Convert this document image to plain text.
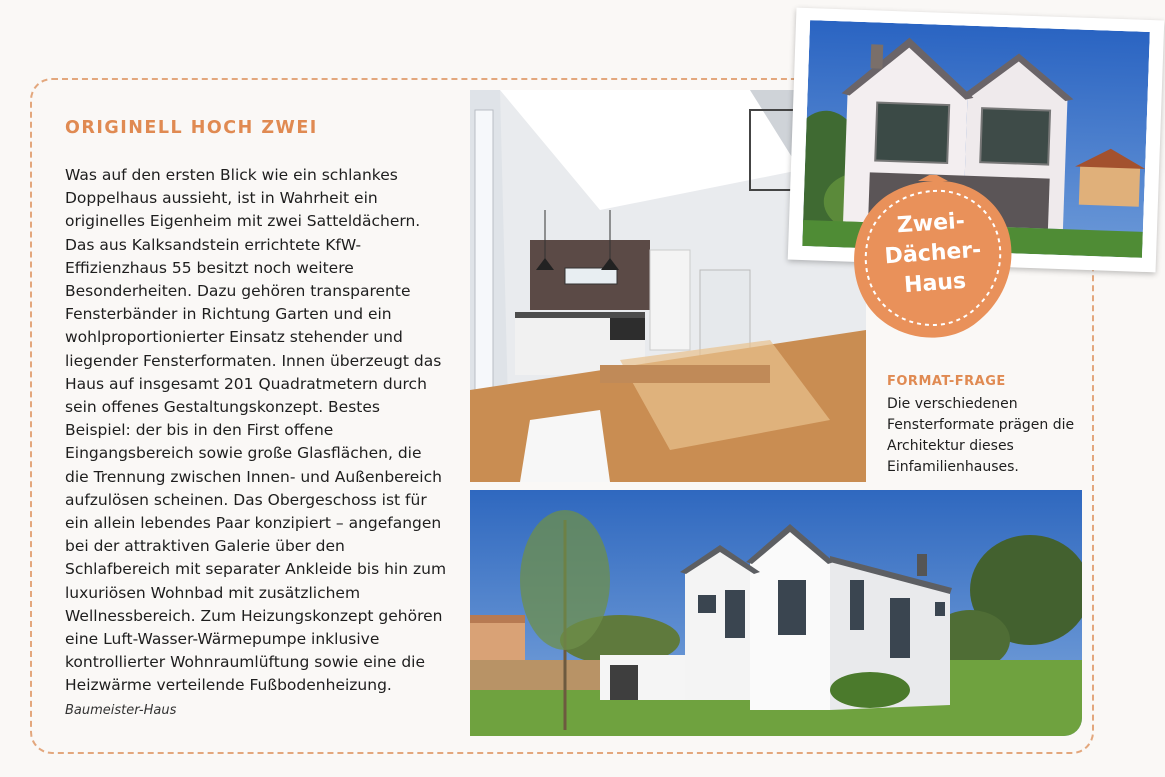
ORIGINELL HOCH ZWEI

Was auf den ersten Blick wie ein schlankes Doppelhaus aussieht, ist in Wahrheit ein originelles Eigenheim mit zwei Satteldächern. Das aus Kalksandstein errichtete KfW-Effizienzhaus 55 besitzt noch weitere Besonderheiten. Dazu gehören transparente Fensterbänder in Richtung Garten und ein wohlproportionierter Einsatz stehender und liegender Fensterformaten. Innen überzeugt das Haus auf insgesamt 201 Quadratmetern durch sein offenes Gestaltungskonzept. Bestes Beispiel: der bis in den First offene Eingangsbereich sowie große Glasflächen, die die Trennung zwischen Innen- und Außenbereich aufzulösen scheinen. Das Obergeschoss ist für ein allein lebendes Paar konzipiert – angefangen bei der attraktiven Galerie über den Schlafbereich mit separater Ankleide bis hin zum luxuriösen Wohnbad mit zusätzlichem Wellnessbereich. Zum Heizungskonzept gehören eine Luft-Wasser-Wärmepumpe inklusive kontrollierter Wohnraumlüftung sowie eine die Heizwärme verteilende Fußbodenheizung. Baumeister-Haus

Zwei-
Dächer-
Haus
FORMAT-FRAGE

Die verschiedenen Fensterformate prägen die Architektur dieses Einfamilienhauses.
